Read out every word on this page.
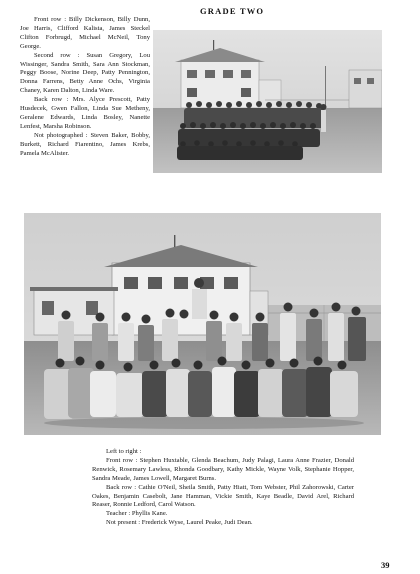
GRADE TWO

Front row : Billy Dickenson, Billy Dunn, Joe Harris, Clifford Kalista, James Steckel Clifton Forbrugd, Michael McNeil, Tony George.

Second row : Susan Gregory, Lou Wissinger, Sandra Smith, Sara Ann Stockman, Peggy Boose, Norine Deep, Patty Pennington, Donna Farrens, Betty Anne Ochs, Virginia Chaney, Karen Dalton, Linda Ware.

Back row : Mrs. Alyce Prescott, Patty Husdecek, Gwen Fallon, Linda Sue Metheny, Geralene Edwards, Linda Bosley, Nanette Lenfest, Marsha Robinson.

Not photographed : Steven Baker, Bobby, Burkett, Richard Fiarentino, James Krebs, Pamela McAlister.

Left to right :

Front row : Stephen Huxtable, Glenda Beachum, Judy Palagi, Laura Anne Frazier, Donald Renwick, Rosemary Lawless, Rhonda Goodbary, Kathy Mickle, Wayne Volk, Stephanie Hopper, Sandra Meade, James Lowell, Margaret Burns.

Back row : Cathie O'Neil, Sheila Smith, Patty Hiatt, Tom Webster, Phil Zahorowski, Carter Oakes, Benjamin Casebolt, Jane Hamman, Vickie Smith, Kaye Beadle, David Arel, Richard Reaser, Ronnie Ledford, Carol Watson.

Teacher : Phyllis Kane.

Not present : Frederick Wyse, Laurel Peake, Judi Dean.

39
